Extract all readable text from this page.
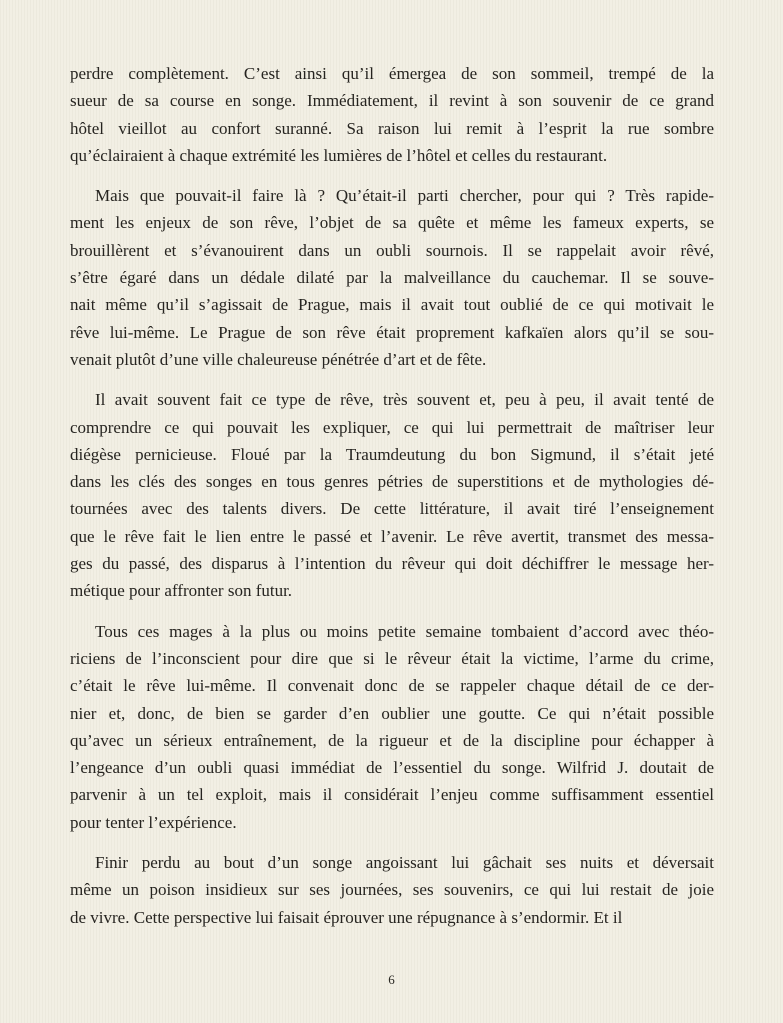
perdre complètement. C’est ainsi qu’il émergea de son sommeil, trempé de la
sueur de sa course en songe. Immédiatement, il revint à son souvenir de ce grand
hôtel vieillot au confort suranné. Sa raison lui remit à l’esprit la rue sombre
qu’éclairaient à chaque extrémité les lumières de l’hôtel et celles du restaurant.
Mais que pouvait-il faire là ? Qu’était-il parti chercher, pour qui ? Très rapide-
ment les enjeux de son rêve, l’objet de sa quête et même les fameux experts, se
brouillèrent et s’évanouirent dans un oubli sournois. Il se rappelait avoir rêvé,
s’être égaré dans un dédale dilaté par la malveillance du cauchemar. Il se souve-
nait même qu’il s’agissait de Prague, mais il avait tout oublié de ce qui motivait le
rêve lui-même. Le Prague de son rêve était proprement kafkaïen alors qu’il se sou-
venait plutôt d’une ville chaleureuse pénétrée d’art et de fête.
Il avait souvent fait ce type de rêve, très souvent et, peu à peu, il avait tenté de
comprendre ce qui pouvait les expliquer, ce qui lui permettrait de maîtriser leur
diégèse pernicieuse. Floué par la Traumdeutung du bon Sigmund, il s’était jeté
dans les clés des songes en tous genres pétries de superstitions et de mythologies dé-
tournées avec des talents divers. De cette littérature, il avait tiré l’enseignement
que le rêve fait le lien entre le passé et l’avenir. Le rêve avertit, transmet des messa-
ges du passé, des disparus à l’intention du rêveur qui doit déchiffrer le message her-
métique pour affronter son futur.
Tous ces mages à la plus ou moins petite semaine tombaient d’accord avec théo-
riciens de l’inconscient pour dire que si le rêveur était la victime, l’arme du crime,
c’était le rêve lui-même. Il convenait donc de se rappeler chaque détail de ce der-
nier et, donc, de bien se garder d’en oublier une goutte. Ce qui n’était possible
qu’avec un sérieux entraînement, de la rigueur et de la discipline pour échapper à
l’engeance d’un oubli quasi immédiat de l’essentiel du songe. Wilfrid J. doutait de
parvenir à un tel exploit, mais il considérait l’enjeu comme suffisamment essentiel
pour tenter l’expérience.
Finir perdu au bout d’un songe angoissant lui gâchait ses nuits et déversait
même un poison insidieux sur ses journées, ses souvenirs, ce qui lui restait de joie
de vivre. Cette perspective lui faisait éprouver une répugnance à s’endormir. Et il
6
